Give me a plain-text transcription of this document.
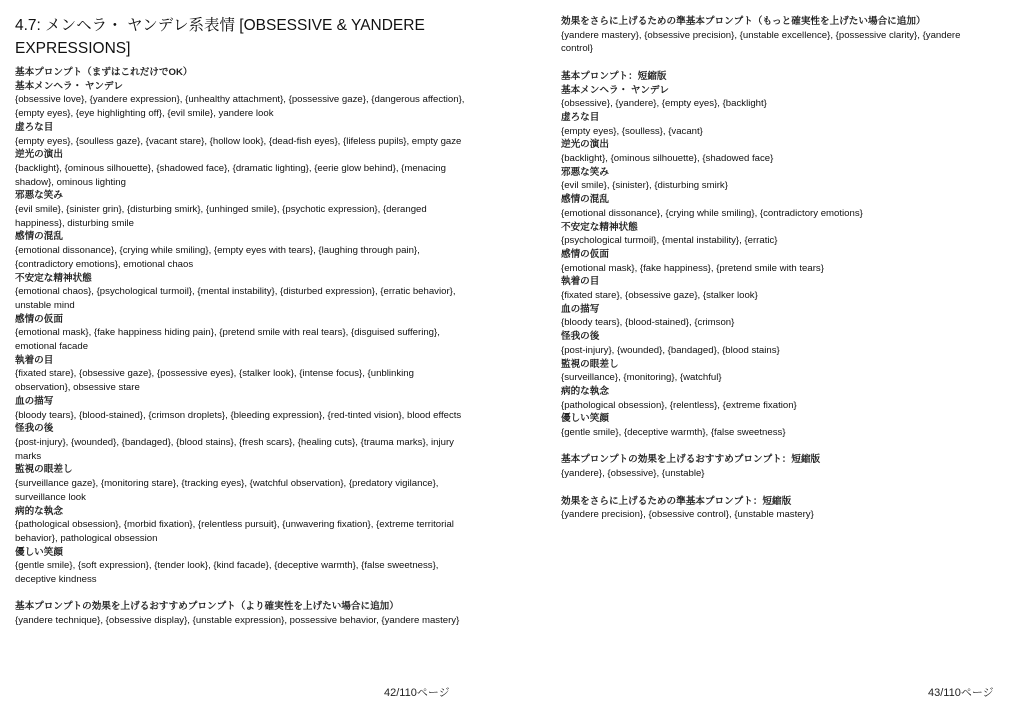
4.7: メンヘラ・ ヤンデレ系表情 [OBSESSIVE & YANDERE EXPRESSIONS]
基本プロンプト（まずはこれだけでOK）
基本メンヘラ・ ヤンデレ
{obsessive love}, {yandere expression}, {unhealthy attachment}, {possessive gaze}, {dangerous affection}, {empty eyes}, {eye highlighting off}, {evil smile}, yandere look
虚ろな目
{empty eyes}, {soulless gaze}, {vacant stare}, {hollow look}, {dead-fish eyes}, {lifeless pupils}, empty gaze
逆光の演出
{backlight}, {ominous silhouette}, {shadowed face}, {dramatic lighting}, {eerie glow behind}, {menacing shadow}, ominous lighting
邪悪な笑み
{evil smile}, {sinister grin}, {disturbing smirk}, {unhinged smile}, {psychotic expression}, {deranged happiness}, disturbing smile
感情の混乱
{emotional dissonance}, {crying while smiling}, {empty eyes with tears}, {laughing through pain}, {contradictory emotions}, emotional chaos
不安定な精神状態
{emotional chaos}, {psychological turmoil}, {mental instability}, {disturbed expression}, {erratic behavior}, unstable mind
感情の仮面
{emotional mask}, {fake happiness hiding pain}, {pretend smile with real tears}, {disguised suffering}, emotional facade
執着の目
{fixated stare}, {obsessive gaze}, {possessive eyes}, {stalker look}, {intense focus}, {unblinking observation}, obsessive stare
血の描写
{bloody tears}, {blood-stained}, {crimson droplets}, {bleeding expression}, {red-tinted vision}, blood effects
怪我の後
{post-injury}, {wounded}, {bandaged}, {blood stains}, {fresh scars}, {healing cuts}, {trauma marks}, injury marks
監視の眼差し
{surveillance gaze}, {monitoring stare}, {tracking eyes}, {watchful observation}, {predatory vigilance}, surveillance look
病的な執念
{pathological obsession}, {morbid fixation}, {relentless pursuit}, {unwavering fixation}, {extreme territorial behavior}, pathological obsession
優しい笑顔
{gentle smile}, {soft expression}, {tender look}, {kind facade}, {deceptive warmth}, {false sweetness}, deceptive kindness
基本プロンプトの効果を上げるおすすめプロンプト（より確実性を上げたい場合に追加）
{yandere technique}, {obsessive display}, {unstable expression}, possessive behavior, {yandere mastery}
42/110ページ
効果をさらに上げるための準基本プロンプト（もっと確実性を上げたい場合に追加）
{yandere mastery}, {obsessive precision}, {unstable excellence}, {possessive clarity}, {yandere control}
基本プロンプト：短縮版
基本メンヘラ・ ヤンデレ
{obsessive}, {yandere}, {empty eyes}, {backlight}
虚ろな目
{empty eyes}, {soulless}, {vacant}
逆光の演出
{backlight}, {ominous silhouette}, {shadowed face}
邪悪な笑み
{evil smile}, {sinister}, {disturbing smirk}
感情の混乱
{emotional dissonance}, {crying while smiling}, {contradictory emotions}
不安定な精神状態
{psychological turmoil}, {mental instability}, {erratic}
感情の仮面
{emotional mask}, {fake happiness}, {pretend smile with tears}
執着の目
{fixated stare}, {obsessive gaze}, {stalker look}
血の描写
{bloody tears}, {blood-stained}, {crimson}
怪我の後
{post-injury}, {wounded}, {bandaged}, {blood stains}
監視の眼差し
{surveillance}, {monitoring}, {watchful}
病的な執念
{pathological obsession}, {relentless}, {extreme fixation}
優しい笑顔
{gentle smile}, {deceptive warmth}, {false sweetness}
基本プロンプトの効果を上げるおすすめプロンプト：短縮版
{yandere}, {obsessive}, {unstable}
効果をさらに上げるための準基本プロンプト：短縮版
{yandere precision}, {obsessive control}, {unstable mastery}
43/110ページ
